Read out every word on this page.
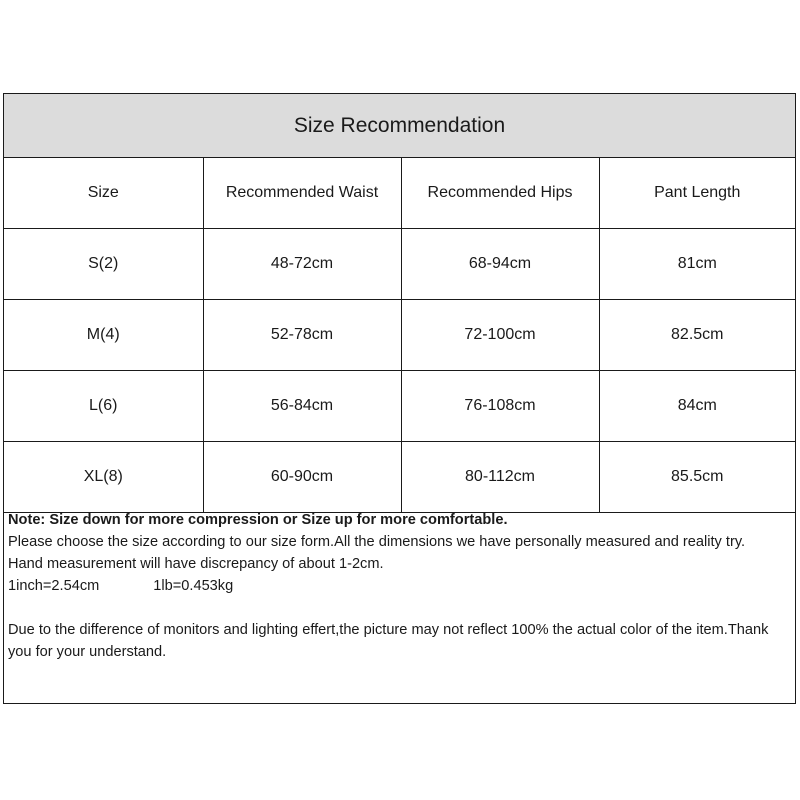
Size Recommendation
Size	Recommended Waist	Recommended Hips	Pant Length
S(2)	48-72cm	68-94cm	81cm
M(4)	52-78cm	72-100cm	82.5cm
L(6)	56-84cm	76-108cm	84cm
XL(8)	60-90cm	80-112cm	85.5cm

Note: Size down for more compression or Size up for more comfortable.

Please choose the size according to our size form.All the dimensions we have personally measured and reality try.

Hand measurement will have discrepancy of about 1-2cm.

1inch=2.54cm	1lb=0.453kg

Due to the difference of monitors and lighting effert,the picture may not reflect 100% the actual color of the item.Thank you for your understand.
